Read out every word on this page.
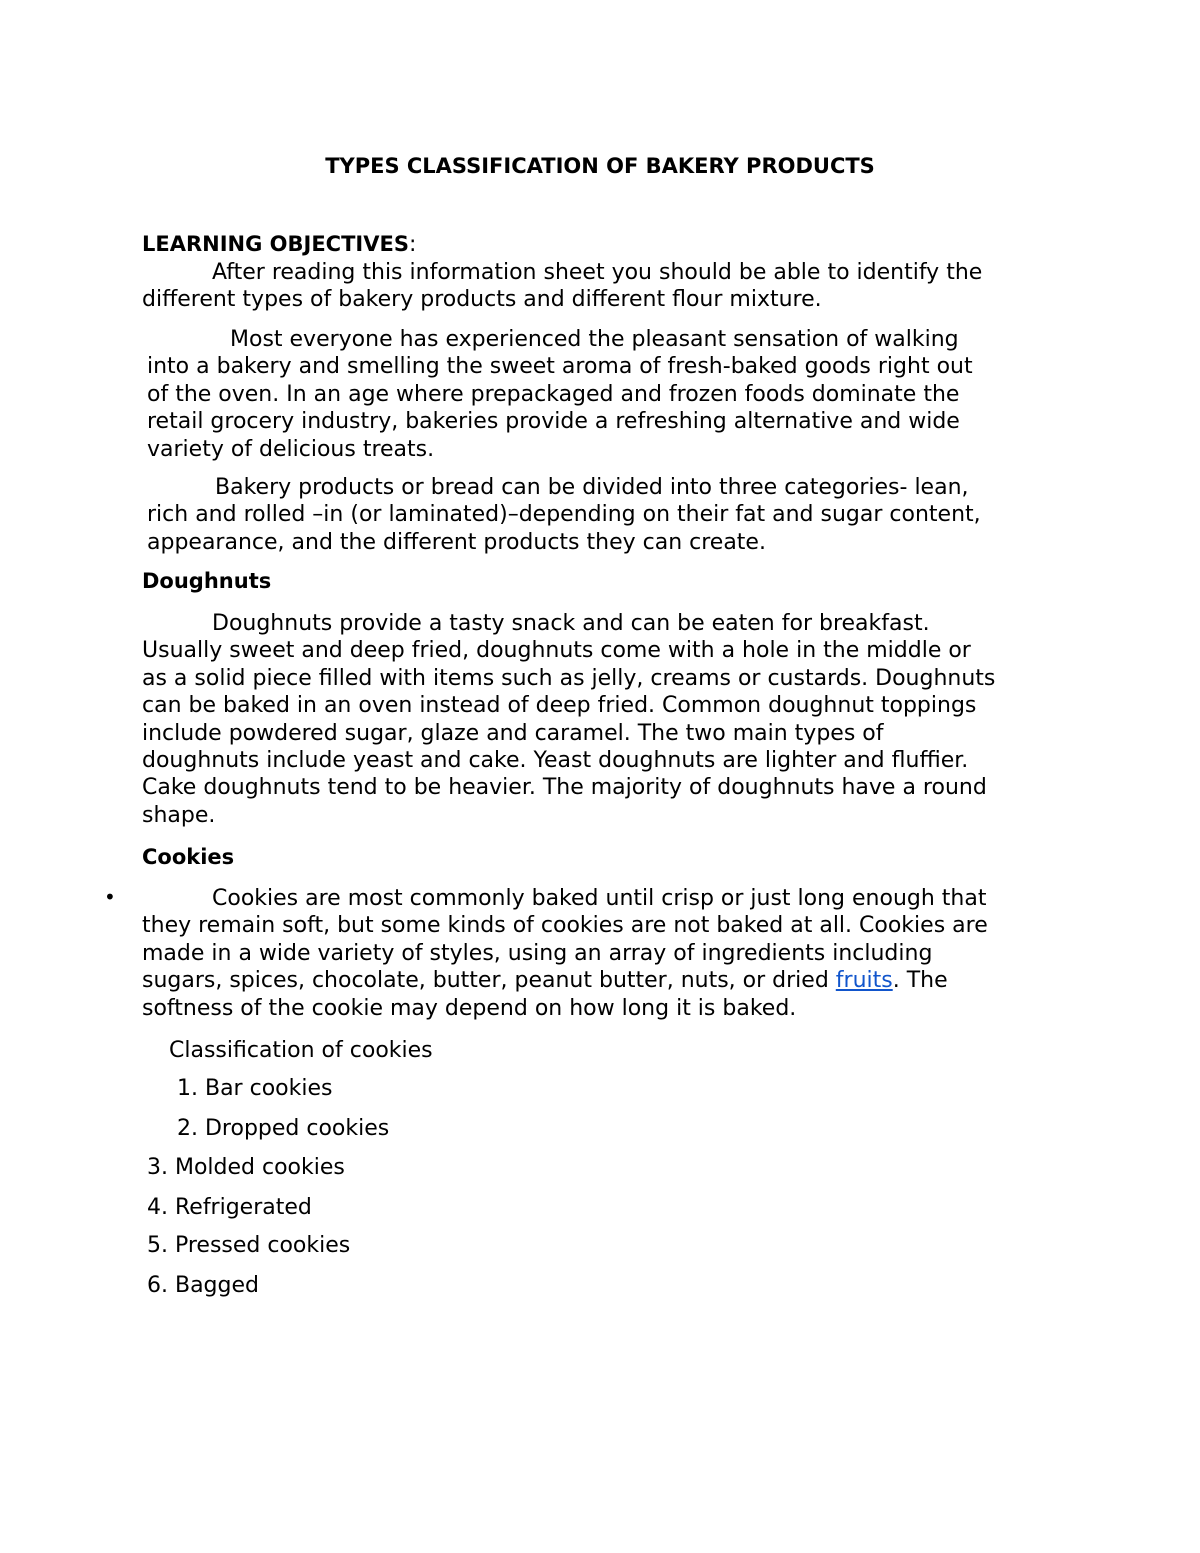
TYPES CLASSIFICATION OF BAKERY PRODUCTS
LEARNING OBJECTIVES:
After reading this information sheet you should be able to identify the
different types of bakery products and different flour mixture.
Most everyone has experienced the pleasant sensation of walking
into a bakery and smelling the sweet aroma of fresh-baked goods right out
of the oven. In an age where prepackaged and frozen foods dominate the
retail grocery industry, bakeries provide a refreshing alternative and wide
variety of delicious treats.
Bakery products or bread can be divided into three categories- lean,
rich and rolled –in (or laminated)–depending on their fat and sugar content,
appearance, and the different products they can create.
Doughnuts
Doughnuts provide a tasty snack and can be eaten for breakfast.
Usually sweet and deep fried, doughnuts come with a hole in the middle or
as a solid piece filled with items such as jelly, creams or custards. Doughnuts
can be baked in an oven instead of deep fried. Common doughnut toppings
include powdered sugar, glaze and caramel. The two main types of
doughnuts include yeast and cake. Yeast doughnuts are lighter and fluffier.
Cake doughnuts tend to be heavier. The majority of doughnuts have a round
shape.
Cookies
•	Cookies are most commonly baked until crisp or just long enough that
they remain soft, but some kinds of cookies are not baked at all. Cookies are
made in a wide variety of styles, using an array of ingredients including
sugars, spices, chocolate, butter, peanut butter, nuts, or dried fruits. The
softness of the cookie may depend on how long it is baked.
Classification of cookies
1. Bar cookies
2. Dropped cookies
3. Molded cookies
4. Refrigerated
5. Pressed cookies
6. Bagged
